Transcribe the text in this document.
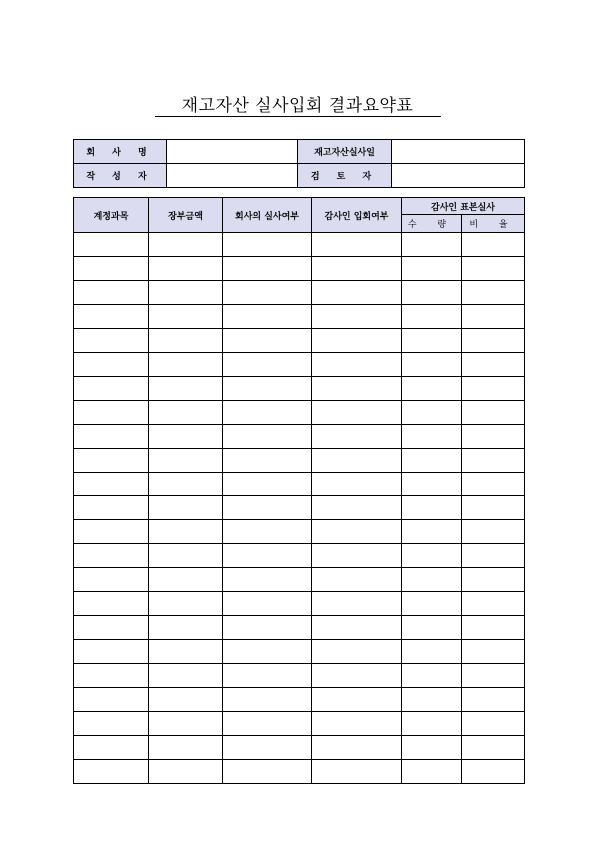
재고자산 실사입회 결과요약표
회 사 명		재고자산실사일	
작 성 자		검 토 자	
계정과목	장부금액	회사의 실사여부	감사인 입회여부	감사인 표본실사	
				수 량	비 율
